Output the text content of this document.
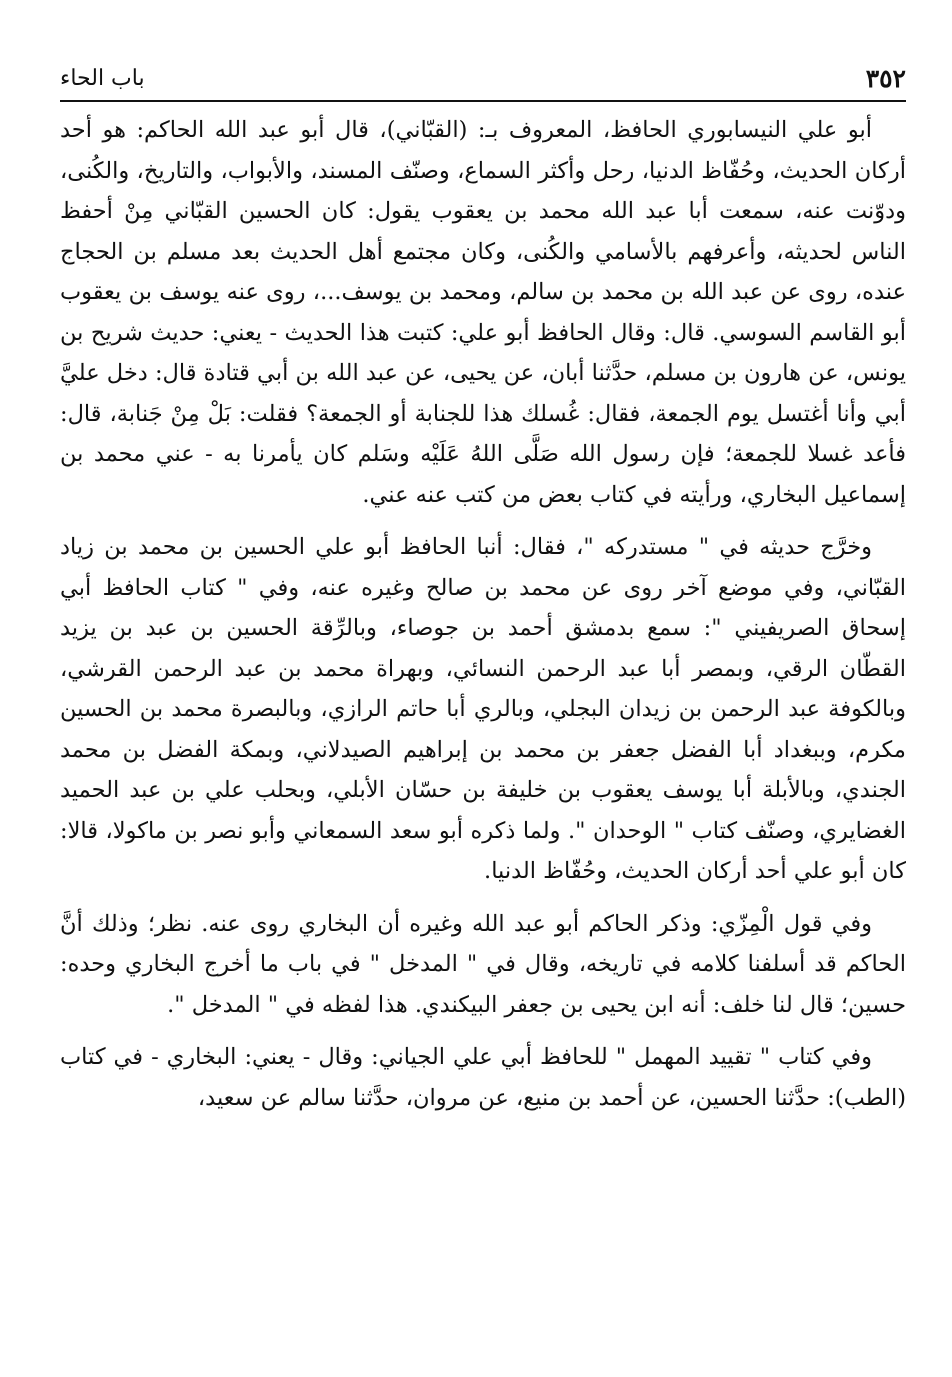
٣٥٢
باب الحاء

أبو علي النيسابوري الحافظ، المعروف بـ: (القبّاني)، قال أبو عبد الله الحاكم: هو أحد أركان الحديث، وحُفّاظ الدنيا، رحل وأكثر السماع، وصنّف المسند، والأبواب، والتاريخ، والكُنى، ودوّنت عنه، سمعت أبا عبد الله محمد بن يعقوب يقول: كان الحسين القبّاني مِنْ أحفظ الناس لحديثه، وأعرفهم بالأسامي والكُنى، وكان مجتمع أهل الحديث بعد مسلم بن الحجاج عنده، روى عن عبد الله بن محمد بن سالم، ومحمد بن يوسف...، روى عنه يوسف بن يعقوب أبو القاسم السوسي. قال: وقال الحافظ أبو علي: كتبت هذا الحديث - يعني: حديث شريح بن يونس، عن هارون بن مسلم، حدَّثنا أبان، عن يحيى، عن عبد الله بن أبي قتادة قال: دخل عليَّ أبي وأنا أغتسل يوم الجمعة، فقال: غُسلك هذا للجنابة أو الجمعة؟ فقلت: بَلْ مِنْ جَنابة، قال: فأعد غسلا للجمعة؛ فإن رسول الله صَلَّى اللهُ عَلَيْه وسَلم كان يأمرنا به - عني محمد بن إسماعيل البخاري، ورأيته في كتاب بعض من كتب عنه عني.

وخرَّج حديثه في " مستدركه "، فقال: أنبا الحافظ أبو علي الحسين بن محمد بن زياد القبّاني، وفي موضع آخر روى عن محمد بن صالح وغيره عنه، وفي " كتاب الحافظ أبي إسحاق الصريفيني ": سمع بدمشق أحمد بن جوصاء، وبالرِّقة الحسين بن عبد بن يزيد القطّان الرقي، وبمصر أبا عبد الرحمن النسائي، وبهراة محمد بن عبد الرحمن القرشي، وبالكوفة عبد الرحمن بن زيدان البجلي، وبالري أبا حاتم الرازي، وبالبصرة محمد بن الحسين مكرم، وببغداد أبا الفضل جعفر بن محمد بن إبراهيم الصيدلاني، وبمكة الفضل بن محمد الجندي، وبالأبلة أبا يوسف يعقوب بن خليفة بن حسّان الأبلي، وبحلب علي بن عبد الحميد الغضايري، وصنّف كتاب " الوحدان ". ولما ذكره أبو سعد السمعاني وأبو نصر بن ماكولا، قالا: كان أبو علي أحد أركان الحديث، وحُفّاظ الدنيا.

وفي قول الْمِزّي: وذكر الحاكم أبو عبد الله وغيره أن البخاري روى عنه. نظر؛ وذلك أنَّ الحاكم قد أسلفنا كلامه في تاريخه، وقال في " المدخل " في باب ما أخرج البخاري وحده: حسين؛ قال لنا خلف: أنه ابن يحيى بن جعفر البيكندي. هذا لفظه في " المدخل ".

وفي كتاب " تقييد المهمل " للحافظ أبي علي الجياني: وقال - يعني: البخاري - في كتاب (الطب): حدَّثنا الحسين، عن أحمد بن منيع، عن مروان، حدَّثنا سالم عن سعيد،
